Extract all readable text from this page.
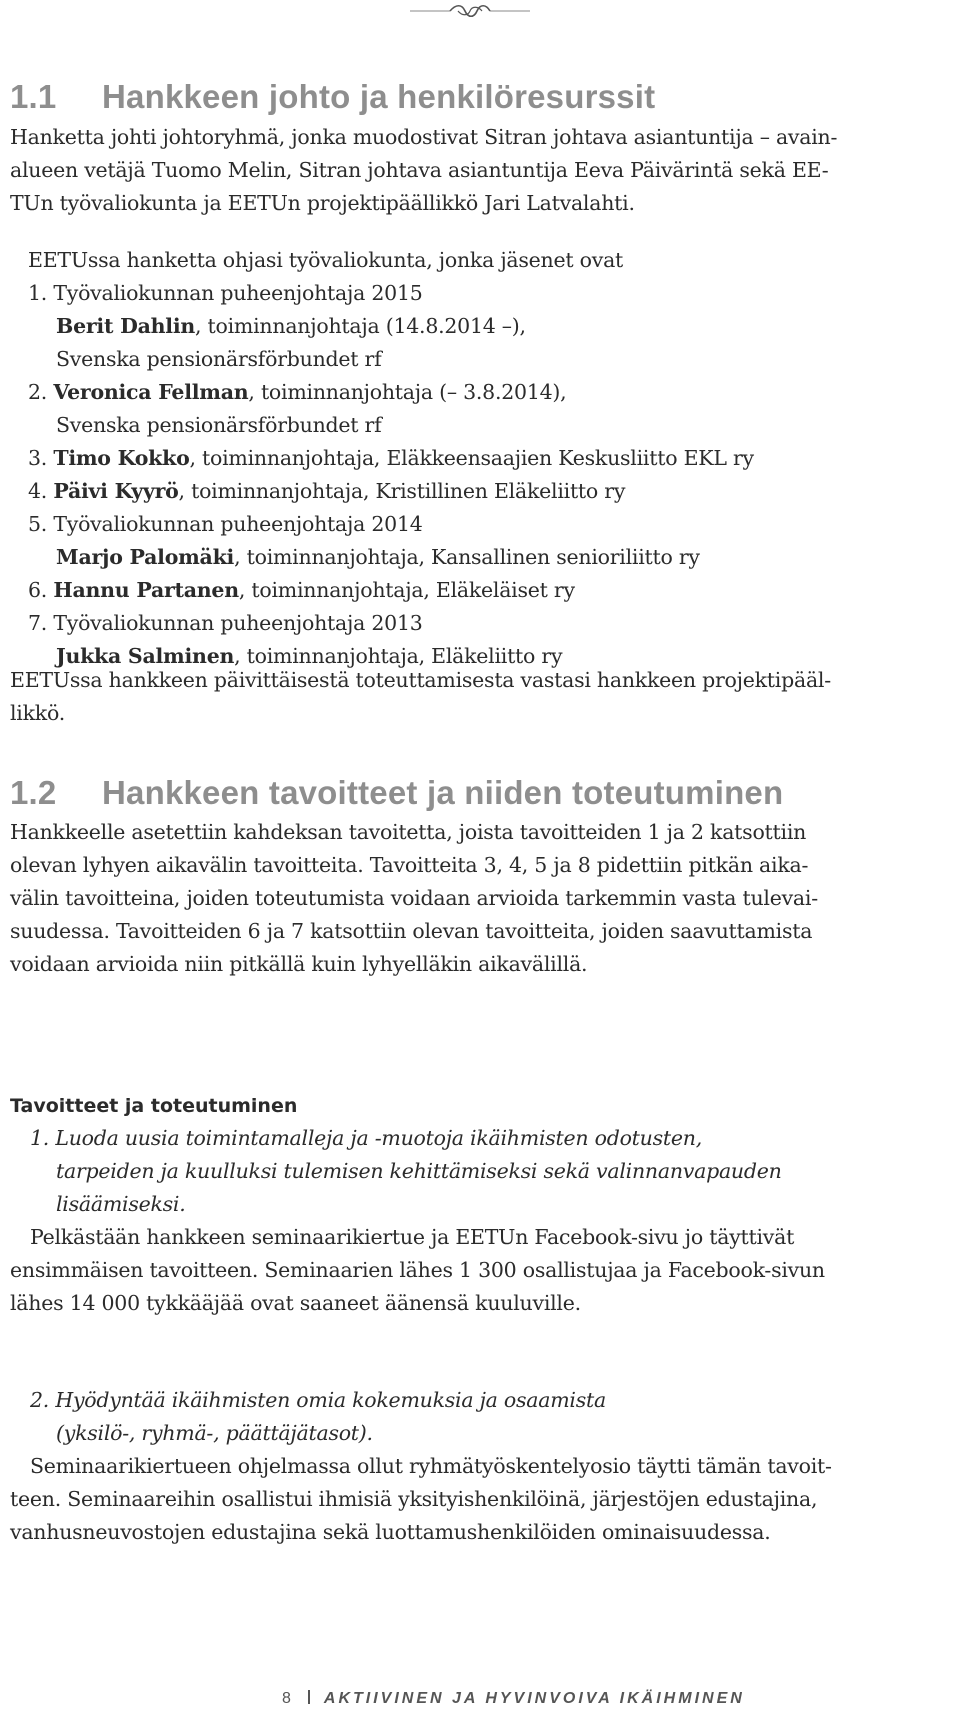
1.1 Hankkeen johto ja henkilöresurssit

Hanketta johti johtoryhmä, jonka muodostivat Sitran johtava asiantuntija – avain-

alueen vetäjä Tuomo Melin, Sitran johtava asiantuntija Eeva Päivärintä sekä EE-

TUn työvaliokunta ja EETUn projektipäällikkö Jari Latvalahti.

EETUssa hanketta ohjasi työvaliokunta, jonka jäsenet ovat

1. Työvaliokunnan puheenjohtaja 2015

Berit Dahlin, toiminnanjohtaja (14.8.2014 –),

Svenska pensionärsförbundet rf

2. Veronica Fellman, toiminnanjohtaja (– 3.8.2014),

Svenska pensionärsförbundet rf

3. Timo Kokko, toiminnanjohtaja, Eläkkeensaajien Keskusliitto EKL ry

4. Päivi Kyyrö, toiminnanjohtaja, Kristillinen Eläkeliitto ry

5. Työvaliokunnan puheenjohtaja 2014

Marjo Palomäki, toiminnanjohtaja, Kansallinen senioriliitto ry

6. Hannu Partanen, toiminnanjohtaja, Eläkeläiset ry

7. Työvaliokunnan puheenjohtaja 2013

Jukka Salminen, toiminnanjohtaja, Eläkeliitto ry

EETUssa hankkeen päivittäisestä toteuttamisesta vastasi hankkeen projektipääl-

likkö.

1.2 Hankkeen tavoitteet ja niiden toteutuminen

Hankkeelle asetettiin kahdeksan tavoitetta, joista tavoitteiden 1 ja 2 katsottiin

olevan lyhyen aikavälin tavoitteita. Tavoitteita 3, 4, 5 ja 8 pidettiin pitkän aika-

välin tavoitteina, joiden toteutumista voidaan arvioida tarkemmin vasta tulevai-

suudessa. Tavoitteiden 6 ja 7 katsottiin olevan tavoitteita, joiden saavuttamista

voidaan arvioida niin pitkällä kuin lyhyelläkin aikavälillä.

Tavoitteet ja toteutuminen

1. Luoda uusia toimintamalleja ja -muotoja ikäihmisten odotusten,

tarpeiden ja kuulluksi tulemisen kehittämiseksi sekä valinnanvapauden

lisäämiseksi.

Pelkästään hankkeen seminaarikiertue ja EETUn Facebook-sivu jo täyttivät

ensimmäisen tavoitteen. Seminaarien lähes 1 300 osallistujaa ja Facebook-sivun

lähes 14 000 tykkääjää ovat saaneet äänensä kuuluville.

2. Hyödyntää ikäihmisten omia kokemuksia ja osaamista

(yksilö-, ryhmä-, päättäjätasot).

Seminaarikiertueen ohjelmassa ollut ryhmätyöskentelyosio täytti tämän tavoit-

teen. Seminaareihin osallistui ihmisiä yksityishenkilöinä, järjestöjen edustajina,

vanhusneuvostojen edustajina sekä luottamushenkilöiden ominaisuudessa.

8 AKTIIVINEN JA HYVINVOIVA IKÄIHMINEN
